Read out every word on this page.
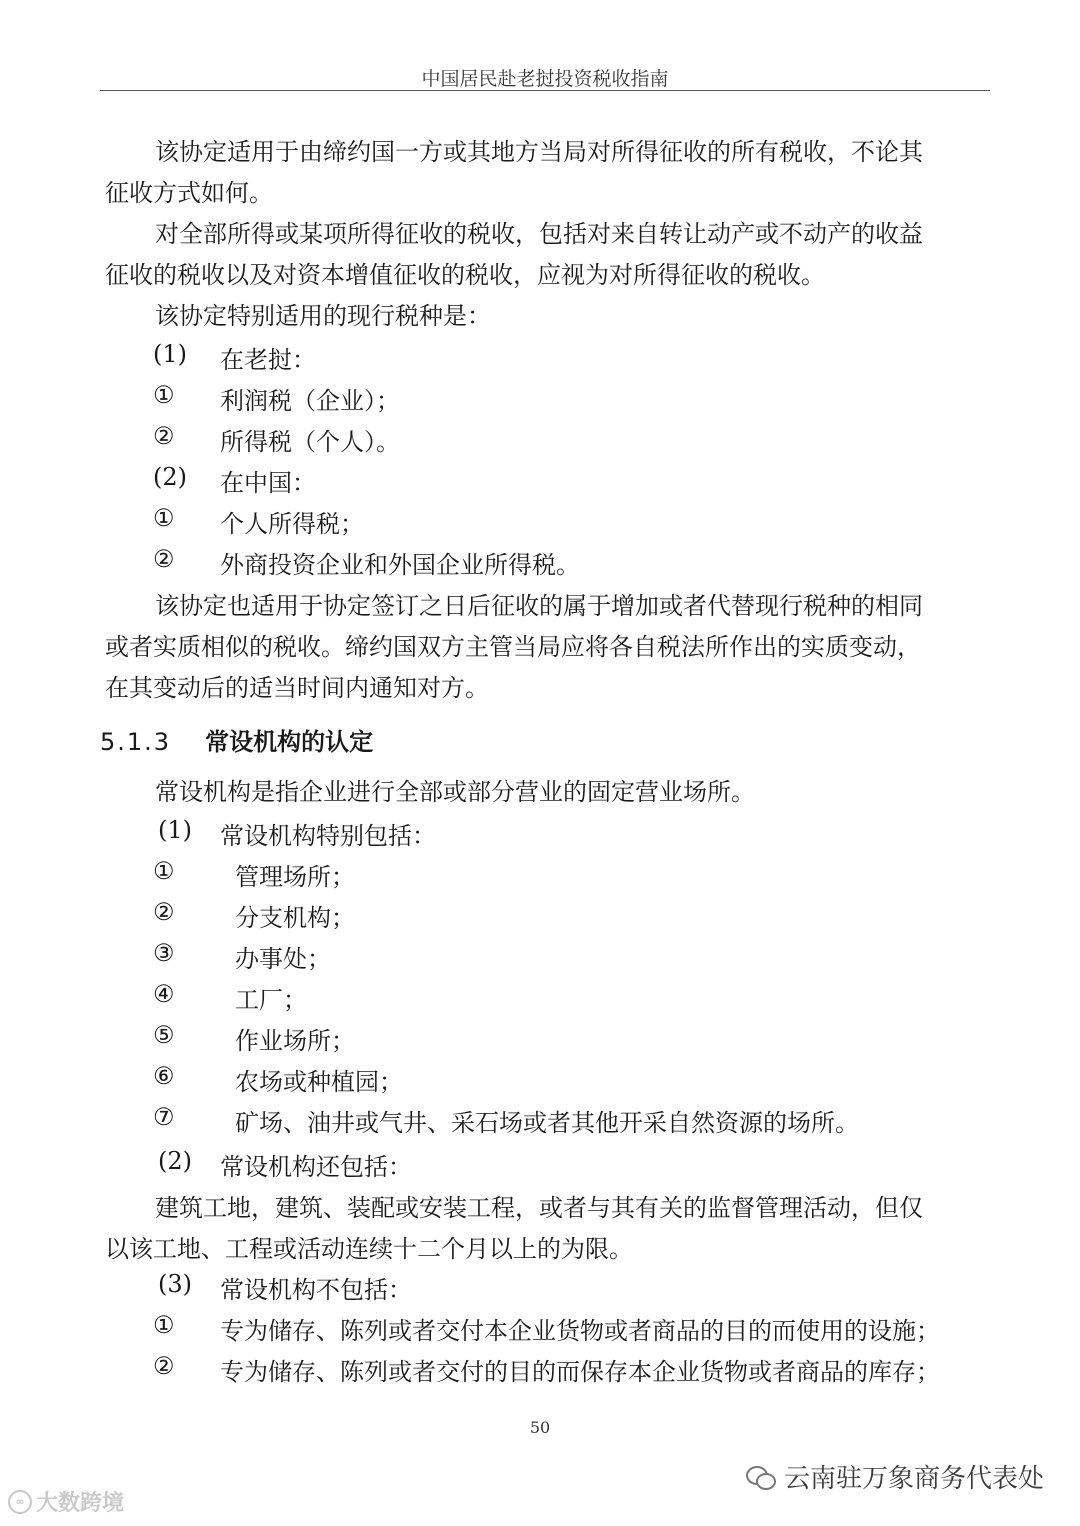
中国居民赴老挝投资税收指南
该协定适用于由缔约国一方或其地方当局对所得征收的所有税收，不论其
征收方式如何。
对全部所得或某项所得征收的税收，包括对来自转让动产或不动产的收益
征收的税收以及对资本增值征收的税收，应视为对所得征收的税收。
该协定特别适用的现行税种是：
(1) 在老挝：
① 利润税（企业）；
② 所得税（个人）。
(2) 在中国：
① 个人所得税；
② 外商投资企业和外国企业所得税。
该协定也适用于协定签订之日后征收的属于增加或者代替现行税种的相同
或者实质相似的税收。缔约国双方主管当局应将各自税法所作出的实质变动，
在其变动后的适当时间内通知对方。
5.1.3 常设机构的认定
常设机构是指企业进行全部或部分营业的固定营业场所。
(1) 常设机构特别包括：
①	管理场所；
②	分支机构；
③	办事处；
④	工厂；
⑤	作业场所；
⑥	农场或种植园；
⑦	矿场、油井或气井、采石场或者其他开采自然资源的场所。
(2) 常设机构还包括：
建筑工地，建筑、装配或安装工程，或者与其有关的监督管理活动，但仅
以该工地、工程或活动连续十二个月以上的为限。
(3) 常设机构不包括：
① 专为储存、陈列或者交付本企业货物或者商品的目的而使用的设施；
② 专为储存、陈列或者交付的目的而保存本企业货物或者商品的库存；
50
云南驻万象商务代表处
∞ 大数跨境
